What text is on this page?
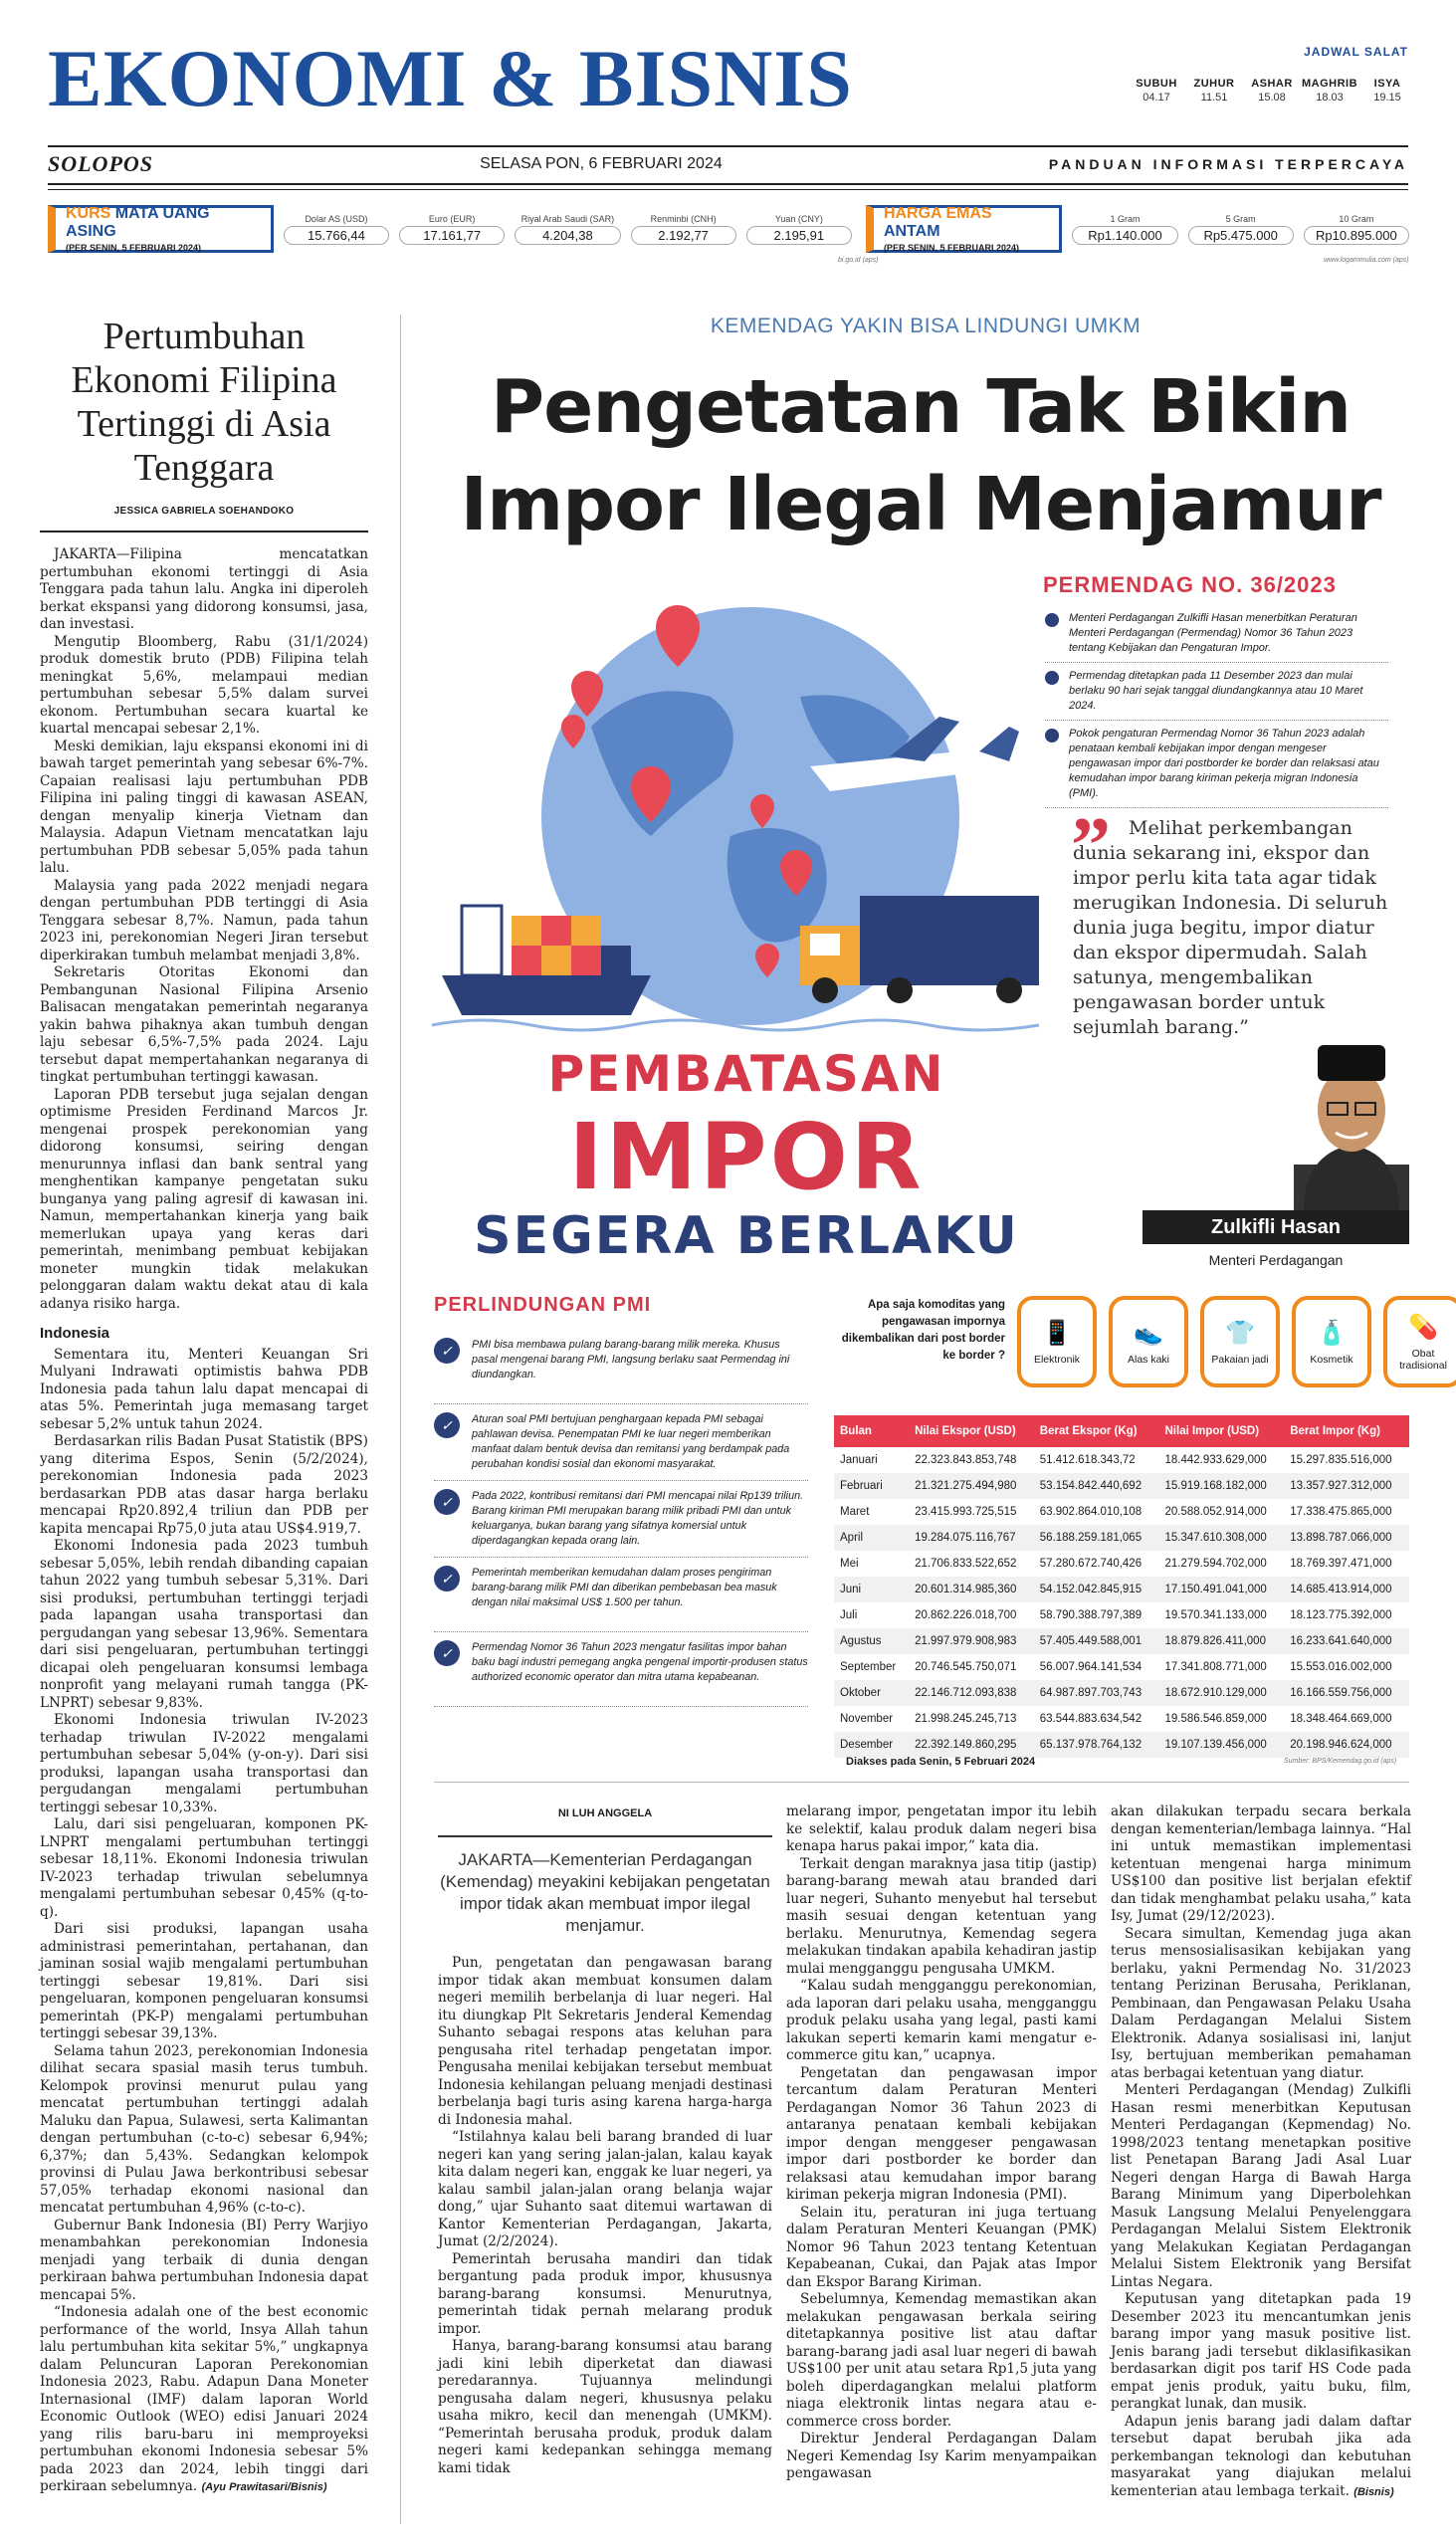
EKONOMI & BISNIS	JADWAL SALAT
SUBUH
04.17
ZUHUR
11.51
ASHAR
15.08
MAGHRIB
18.03
ISYA
19.15
SOLOPOS	SELASA PON, 6 FEBRUARI 2024	PANDUAN INFORMASI TERPERCAYA
KURS MATA UANG ASING
(PER SENIN, 5 FEBRUARI 2024)
Dolar AS (USD)
15.766,44
Euro (EUR)
17.161,77
Riyal Arab Saudi (SAR)
4.204,38
Renminbi (CNH)
2.192,77
Yuan (CNY)
2.195,91
HARGA EMAS ANTAM
(PER SENIN, 5 FEBRUARI 2024)
1 Gram
Rp1.140.000
5 Gram
Rp5.475.000
10 Gram
Rp10.895.000
bi.go.id (aps)	www.logammulia.com (aps)
Pertumbuhan Ekonomi Filipina Tertinggi di Asia Tenggara
JESSICA GABRIELA SOEHANDOKO

JAKARTA—Filipina mencatatkan pertumbuhan ekonomi tertinggi di Asia Tenggara pada tahun lalu. Angka ini diperoleh berkat ekspansi yang didorong konsumsi, jasa, dan investasi.

Mengutip Bloomberg, Rabu (31/1/2024) produk domestik bruto (PDB) Filipina telah meningkat 5,6%, melampaui median pertumbuhan sebesar 5,5% dalam survei ekonom. Pertumbuhan secara kuartal ke kuartal mencapai sebesar 2,1%.

Meski demikian, laju ekspansi ekonomi ini di bawah target pemerintah yang sebesar 6%-7%. Capaian realisasi laju pertumbuhan PDB Filipina ini paling tinggi di kawasan ASEAN, dengan menyalip kinerja Vietnam dan Malaysia. Adapun Vietnam mencatatkan laju pertumbuhan PDB sebesar 5,05% pada tahun lalu.

Malaysia yang pada 2022 menjadi negara dengan pertumbuhan PDB tertinggi di Asia Tenggara sebesar 8,7%. Namun, pada tahun 2023 ini, perekonomian Negeri Jiran tersebut diperkirakan tumbuh melambat menjadi 3,8%.

Sekretaris Otoritas Ekonomi dan Pembangunan Nasional Filipina Arsenio Balisacan mengatakan pemerintah negaranya yakin bahwa pihaknya akan tumbuh dengan laju sebesar 6,5%-7,5% pada 2024. Laju tersebut dapat mempertahankan negaranya di tingkat pertumbuhan tertinggi kawasan.

Laporan PDB tersebut juga sejalan dengan optimisme Presiden Ferdinand Marcos Jr. mengenai prospek perekonomian yang didorong konsumsi, seiring dengan menurunnya inflasi dan bank sentral yang menghentikan kampanye pengetatan suku bunganya yang paling agresif di kawasan ini. Namun, mempertahankan kinerja yang baik memerlukan upaya yang keras dari pemerintah, menimbang pembuat kebijakan moneter mungkin tidak melakukan pelonggaran dalam waktu dekat atau di kala adanya risiko harga.

Indonesia

Sementara itu, Menteri Keuangan Sri Mulyani Indrawati optimistis bahwa PDB Indonesia pada tahun lalu dapat mencapai di atas 5%. Pemerintah juga memasang target sebesar 5,2% untuk tahun 2024.

Berdasarkan rilis Badan Pusat Statistik (BPS) yang diterima Espos, Senin (5/2/2024), perekonomian Indonesia pada 2023 berdasarkan PDB atas dasar harga berlaku mencapai Rp20.892,4 triliun dan PDB per kapita mencapai Rp75,0 juta atau US$4.919,7.

Ekonomi Indonesia pada 2023 tumbuh sebesar 5,05%, lebih rendah dibanding capaian tahun 2022 yang tumbuh sebesar 5,31%. Dari sisi produksi, pertumbuhan tertinggi terjadi pada lapangan usaha transportasi dan pergudangan yang sebesar 13,96%. Sementara dari sisi pengeluaran, pertumbuhan tertinggi dicapai oleh pengeluaran konsumsi lembaga nonprofit yang melayani rumah tangga (PK-LNPRT) sebesar 9,83%.

Ekonomi Indonesia triwulan IV-2023 terhadap triwulan IV-2022 mengalami pertumbuhan sebesar 5,04% (y-on-y). Dari sisi produksi, lapangan usaha transportasi dan pergudangan mengalami pertumbuhan tertinggi sebesar 10,33%.

Lalu, dari sisi pengeluaran, komponen PK-LNPRT mengalami pertumbuhan tertinggi sebesar 18,11%. Ekonomi Indonesia triwulan IV-2023 terhadap triwulan sebelumnya mengalami pertumbuhan sebesar 0,45% (q-to-q).

Dari sisi produksi, lapangan usaha administrasi pemerintahan, pertahanan, dan jaminan sosial wajib mengalami pertumbuhan tertinggi sebesar 19,81%. Dari sisi pengeluaran, komponen pengeluaran konsumsi pemerintah (PK-P) mengalami pertumbuhan tertinggi sebesar 39,13%.

Selama tahun 2023, perekonomian Indonesia dilihat secara spasial masih terus tumbuh. Kelompok provinsi menurut pulau yang mencatat pertumbuhan tertinggi adalah Maluku dan Papua, Sulawesi, serta Kalimantan dengan pertumbuhan (c-to-c) sebesar 6,94%; 6,37%; dan 5,43%. Sedangkan kelompok provinsi di Pulau Jawa berkontribusi sebesar 57,05% terhadap ekonomi nasional dan mencatat pertumbuhan 4,96% (c-to-c).

Gubernur Bank Indonesia (BI) Perry Warjiyo menambahkan perekonomian Indonesia menjadi yang terbaik di dunia dengan perkiraan bahwa pertumbuhan Indonesia dapat mencapai 5%.

“Indonesia adalah one of the best economic performance of the world, Insya Allah tahun lalu pertumbuhan kita sekitar 5%,” ungkapnya dalam Peluncuran Laporan Perekonomian Indonesia 2023, Rabu. Adapun Dana Moneter Internasional (IMF) dalam laporan World Economic Outlook (WEO) edisi Januari 2024 yang rilis baru-baru ini memproyeksi pertumbuhan ekonomi Indonesia sebesar 5% pada 2023 dan 2024, lebih tinggi dari perkiraan sebelumnya. (Ayu Prawitasari/Bisnis)

KEMENDAG YAKIN BISA LINDUNGI UMKM
Pengetatan Tak Bikin Impor Ilegal Menjamur
PERMENDAG NO. 36/2023
Menteri Perdagangan Zulkifli Hasan menerbitkan Peraturan Menteri Perdagangan (Permendag) Nomor 36 Tahun 2023 tentang Kebijakan dan Pengaturan Impor.
Permendag ditetapkan pada 11 Desember 2023 dan mulai berlaku 90 hari sejak tanggal diundangkannya atau 10 Maret 2024.
Pokok pengaturan Permendag Nomor 36 Tahun 2023 adalah penataan kembali kebijakan impor dengan mengeser pengawasan impor dari postborder ke border dan relaksasi atau kemudahan impor barang kiriman pekerja migran Indonesia (PMI).
” Melihat perkembangan dunia sekarang ini, ekspor dan impor perlu kita tata agar tidak merugikan Indonesia. Di seluruh dunia juga begitu, impor diatur dan ekspor dipermudah. Salah satunya, mengembalikan pengawasan border untuk sejumlah barang.”
Zulkifli Hasan
Menteri Perdagangan
PEMBATASAN
IMPOR
SEGERA BERLAKU
PERLINDUNGAN PMI
✓	PMI bisa membawa pulang barang-barang milik mereka. Khusus pasal mengenai barang PMI, langsung berlaku saat Permendag ini diundangkan.
✓	Aturan soal PMI bertujuan penghargaan kepada PMI sebagai pahlawan devisa. Penempatan PMI ke luar negeri memberikan manfaat dalam bentuk devisa dan remitansi yang berdampak pada perubahan kondisi sosial dan ekonomi masyarakat.
✓	Pada 2022, kontribusi remitansi dari PMI mencapai nilai Rp139 triliun. Barang kiriman PMI merupakan barang milik pribadi PMI dan untuk keluarganya, bukan barang yang sifatnya komersial untuk diperdagangkan kepada orang lain.
✓	Pemerintah memberikan kemudahan dalam proses pengiriman barang-barang milik PMI dan diberikan pembebasan bea masuk dengan nilai maksimal US$ 1.500 per tahun.
✓	Permendag Nomor 36 Tahun 2023 mengatur fasilitas impor bahan baku bagi industri pemegang angka pengenal importir-produsen status authorized economic operator dan mitra utama kepabeanan.
Apa saja komoditas yang pengawasan impornya dikembalikan dari post border ke border ?
📱
Elektronik
👟
Alas kaki
👕
Pakaian jadi
🧴
Kosmetik
💊
Obat tradisional
Bulan	Nilai Ekspor (USD)	Berat Ekspor (Kg)	Nilai Impor (USD)	Berat Impor (Kg)
Januari	22.323.843.853,748	51.412.618.343,72	18.442.933.629,000	15.297.835.516,000
Februari	21.321.275.494,980	53.154.842.440,692	15.919.168.182,000	13.357.927.312,000
Maret	23.415.993.725,515	63.902.864.010,108	20.588.052.914,000	17.338.475.865,000
April	19.284.075.116,767	56.188.259.181,065	15.347.610.308,000	13.898.787.066,000
Mei	21.706.833.522,652	57.280.672.740,426	21.279.594.702,000	18.769.397.471,000
Juni	20.601.314.985,360	54.152.042.845,915	17.150.491.041,000	14.685.413.914,000
Juli	20.862.226.018,700	58.790.388.797,389	19.570.341.133,000	18.123.775.392,000
Agustus	21.997.979.908,983	57.405.449.588,001	18.879.826.411,000	16.233.641.640,000
September	20.746.545.750,071	56.007.964.141,534	17.341.808.771,000	15.553.016.002,000
Oktober	22.146.712.093,838	64.987.897.703,743	18.672.910.129,000	16.166.559.756,000
November	21.998.245.245,713	63.544.883.634,542	19.586.546.859,000	18.348.464.669,000
Desember	22.392.149.860,295	65.137.978.764,132	19.107.139.456,000	20.198.946.624,000
Diakses pada Senin, 5 Februari 2024	Sumber: BPS/Kemendag.go.id (aps)
NI LUH ANGGELA
JAKARTA—Kementerian Perdagangan (Kemendag) meyakini kebijakan pengetatan impor tidak akan membuat impor ilegal menjamur.

Pun, pengetatan dan pengawasan barang impor tidak akan membuat konsumen dalam negeri memilih berbelanja di luar negeri. Hal itu diungkap Plt Sekretaris Jenderal Kemendag Suhanto sebagai respons atas keluhan para pengusaha ritel terhadap pengetatan impor. Pengusaha menilai kebijakan tersebut membuat Indonesia kehilangan peluang menjadi destinasi berbelanja bagi turis asing karena harga-harga di Indonesia mahal.

“Istilahnya kalau beli barang branded di luar negeri kan yang sering jalan-jalan, kalau kayak kita dalam negeri kan, enggak ke luar negeri, ya kalau sambil jalan-jalan orang belanja wajar dong,” ujar Suhanto saat ditemui wartawan di Kantor Kementerian Perdagangan, Jakarta, Jumat (2/2/2024).

Pemerintah berusaha mandiri dan tidak bergantung pada produk impor, khususnya barang-barang konsumsi. Menurutnya, pemerintah tidak pernah melarang produk impor.

Hanya, barang-barang konsumsi atau barang jadi kini lebih diperketat dan diawasi peredarannya. Tujuannya melindungi pengusaha dalam negeri, khususnya pelaku usaha mikro, kecil dan menengah (UMKM). “Pemerintah berusaha produk, produk dalam negeri kami kedepankan sehingga memang kami tidak

melarang impor, pengetatan impor itu lebih ke selektif, kalau produk dalam negeri bisa kenapa harus pakai impor,” kata dia.

Terkait dengan maraknya jasa titip (jastip) barang-barang mewah atau branded dari luar negeri, Suhanto menyebut hal tersebut masih sesuai dengan ketentuan yang berlaku. Menurutnya, Kemendag segera melakukan tindakan apabila kehadiran jastip mulai mengganggu pengusaha UMKM.

“Kalau sudah mengganggu perekonomian, ada laporan dari pelaku usaha, mengganggu produk pelaku usaha yang legal, pasti kami lakukan seperti kemarin kami mengatur e-commerce gitu kan,” ucapnya.

Pengetatan dan pengawasan impor tercantum dalam Peraturan Menteri Perdagangan Nomor 36 Tahun 2023 di antaranya penataan kembali kebijakan impor dengan menggeser pengawasan impor dari postborder ke border dan relaksasi atau kemudahan impor barang kiriman pekerja migran Indonesia (PMI).

Selain itu, peraturan ini juga tertuang dalam Peraturan Menteri Keuangan (PMK) Nomor 96 Tahun 2023 tentang Ketentuan Kepabeanan, Cukai, dan Pajak atas Impor dan Ekspor Barang Kiriman.

Sebelumnya, Kemendag memastikan akan melakukan pengawasan berkala seiring ditetapkannya positive list atau daftar barang-barang jadi asal luar negeri di bawah US$100 per unit atau setara Rp1,5 juta yang boleh diperdagangkan melalui platform niaga elektronik lintas negara atau e-commerce cross border.

Direktur Jenderal Perdagangan Dalam Negeri Kemendag Isy Karim menyampaikan pengawasan

akan dilakukan terpadu secara berkala dengan kementerian/lembaga lainnya. “Hal ini untuk memastikan implementasi ketentuan mengenai harga minimum US$100 dan positive list berjalan efektif dan tidak menghambat pelaku usaha,” kata Isy, Jumat (29/12/2023).

Secara simultan, Kemendag juga akan terus mensosialisasikan kebijakan yang berlaku, yakni Permendag No. 31/2023 tentang Perizinan Berusaha, Periklanan, Pembinaan, dan Pengawasan Pelaku Usaha Dalam Perdagangan Melalui Sistem Elektronik. Adanya sosialisasi ini, lanjut Isy, bertujuan memberikan pemahaman atas berbagai ketentuan yang diatur.

Menteri Perdagangan (Mendag) Zulkifli Hasan resmi menerbitkan Keputusan Menteri Perdagangan (Kepmendag) No. 1998/2023 tentang menetapkan positive list Penetapan Barang Jadi Asal Luar Negeri dengan Harga di Bawah Harga Barang Minimum yang Diperbolehkan Masuk Langsung Melalui Penyelenggara Perdagangan Melalui Sistem Elektronik yang Melakukan Kegiatan Perdagangan Melalui Sistem Elektronik yang Bersifat Lintas Negara.

Keputusan yang ditetapkan pada 19 Desember 2023 itu mencantumkan jenis barang impor yang masuk positive list. Jenis barang jadi tersebut diklasifikasikan berdasarkan digit pos tarif HS Code pada empat jenis produk, yaitu buku, film, perangkat lunak, dan musik.

Adapun jenis barang jadi dalam daftar tersebut dapat berubah jika ada perkembangan teknologi dan kebutuhan masyarakat yang diajukan melalui kementerian atau lembaga terkait. (Bisnis)
